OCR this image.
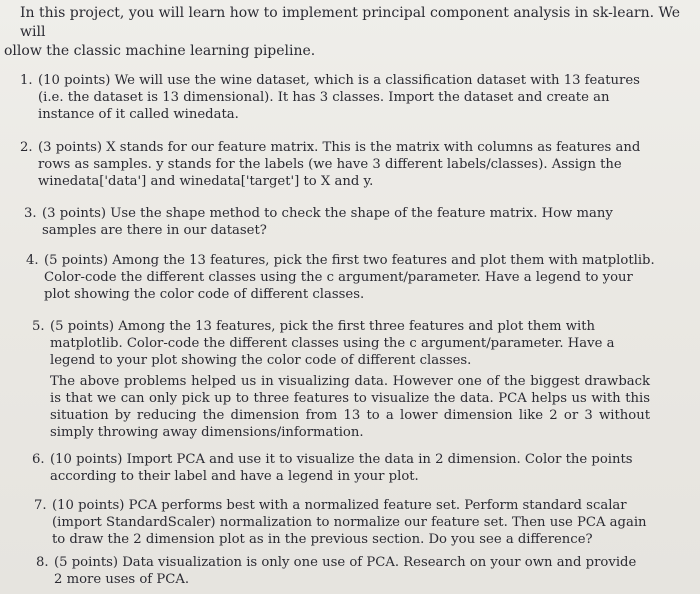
In this project, you will learn how to implement principal component analysis in sk-learn. We will
ollow the classic machine learning pipeline.

1. (10 points) We will use the wine dataset, which is a classification dataset with 13 features (i.e. the dataset is 13 dimensional). It has 3 classes. Import the dataset and create an instance of it called winedata.
2. (3 points) X stands for our feature matrix. This is the matrix with columns as features and rows as samples. y stands for the labels (we have 3 different labels/classes). Assign the winedata['data'] and winedata['target'] to X and y.
3. (3 points) Use the shape method to check the shape of the feature matrix. How many samples are there in our dataset?
4. (5 points) Among the 13 features, pick the first two features and plot them with matplotlib. Color-code the different classes using the c argument/parameter. Have a legend to your plot showing the color code of different classes.
5. (5 points) Among the 13 features, pick the first three features and plot them with matplotlib. Color-code the different classes using the c argument/parameter. Have a legend to your plot showing the color code of different classes.
6. (10 points) Import PCA and use it to visualize the data in 2 dimension. Color the points according to their label and have a legend in your plot.
7. (10 points) PCA performs best with a normalized feature set. Perform standard scalar (import StandardScaler) normalization to normalize our feature set. Then use PCA again to draw the 2 dimension plot as in the previous section. Do you see a difference?
8. (5 points) Data visualization is only one use of PCA. Research on your own and provide 2 more uses of PCA.

The above problems helped us in visualizing data. However one of the biggest drawback is that we can only pick up to three features to visualize the data. PCA helps us with this situation by reducing the dimension from 13 to a lower dimension like 2 or 3 without simply throwing away dimensions/information.
